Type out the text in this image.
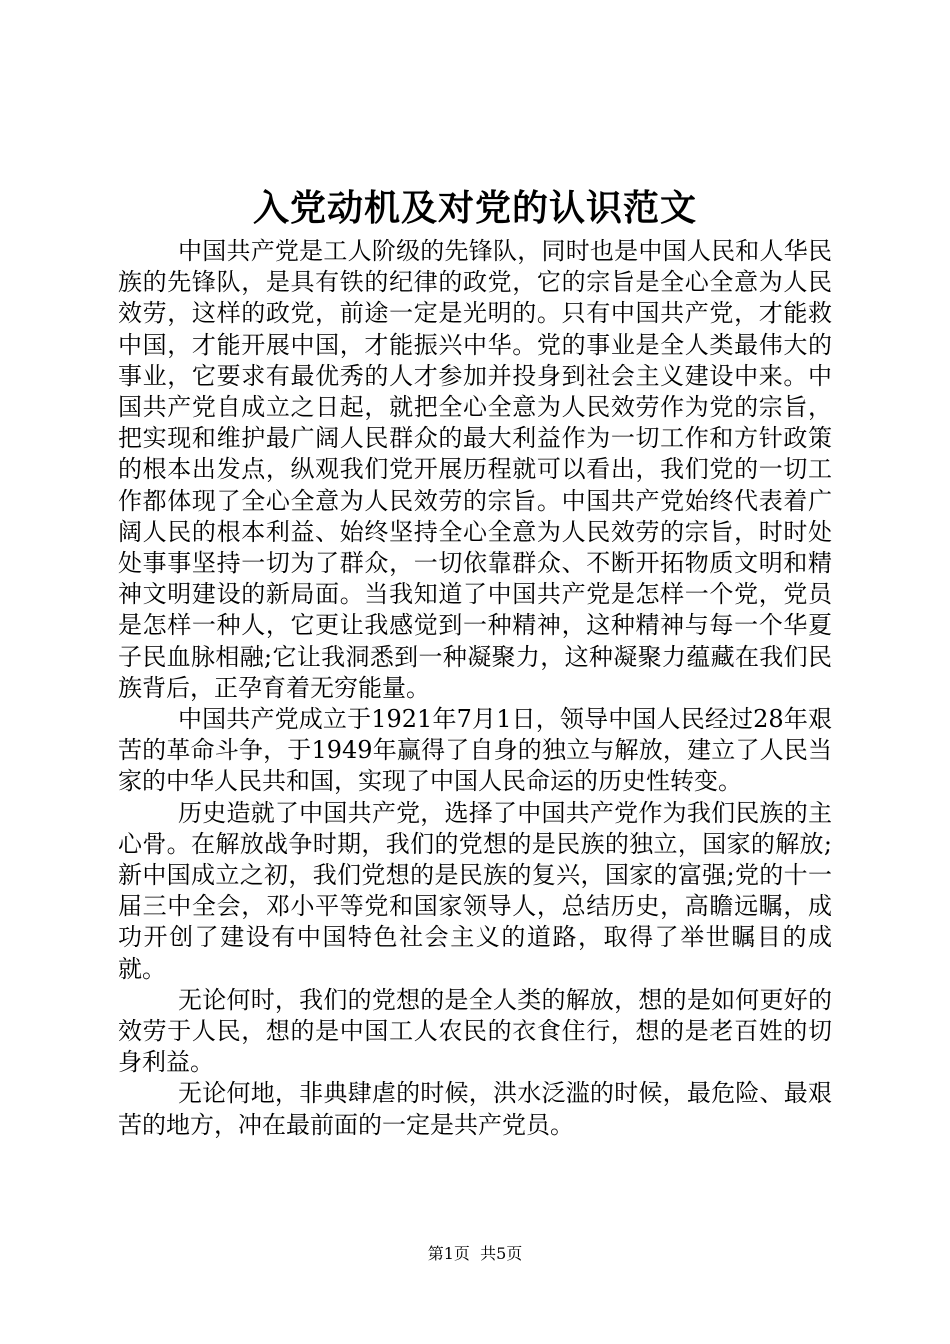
入党动机及对党的认识范文

中国共产党是工人阶级的先锋队，同时也是中国人民和人华民族的先锋队，是具有铁的纪律的政党，它的宗旨是全心全意为人民效劳，这样的政党，前途一定是光明的。只有中国共产党，才能救中国，才能开展中国，才能振兴中华。党的事业是全人类最伟大的事业，它要求有最优秀的人才参加并投身到社会主义建设中来。中国共产党自成立之日起，就把全心全意为人民效劳作为党的宗旨，把实现和维护最广阔人民群众的最大利益作为一切工作和方针政策的根本出发点，纵观我们党开展历程就可以看出，我们党的一切工作都体现了全心全意为人民效劳的宗旨。中国共产党始终代表着广阔人民的根本利益、始终坚持全心全意为人民效劳的宗旨，时时处处事事坚持一切为了群众，一切依靠群众、不断开拓物质文明和精神文明建设的新局面。当我知道了中国共产党是怎样一个党，党员是怎样一种人，它更让我感觉到一种精神，这种精神与每一个华夏子民血脉相融;它让我洞悉到一种凝聚力，这种凝聚力蕴藏在我们民族背后，正孕育着无穷能量。

中国共产党成立于1921年7月1日，领导中国人民经过28年艰苦的革命斗争，于1949年赢得了自身的独立与解放，建立了人民当家的中华人民共和国，实现了中国人民命运的历史性转变。

历史造就了中国共产党，选择了中国共产党作为我们民族的主心骨。在解放战争时期，我们的党想的是民族的独立，国家的解放;新中国成立之初，我们党想的是民族的复兴，国家的富强;党的十一届三中全会，邓小平等党和国家领导人，总结历史，高瞻远瞩，成功开创了建设有中国特色社会主义的道路，取得了举世瞩目的成就。

无论何时，我们的党想的是全人类的解放，想的是如何更好的效劳于人民，想的是中国工人农民的衣食住行，想的是老百姓的切身利益。

无论何地，非典肆虐的时候，洪水泛滥的时候，最危险、最艰苦的地方，冲在最前面的一定是共产党员。

第1页  共5页
